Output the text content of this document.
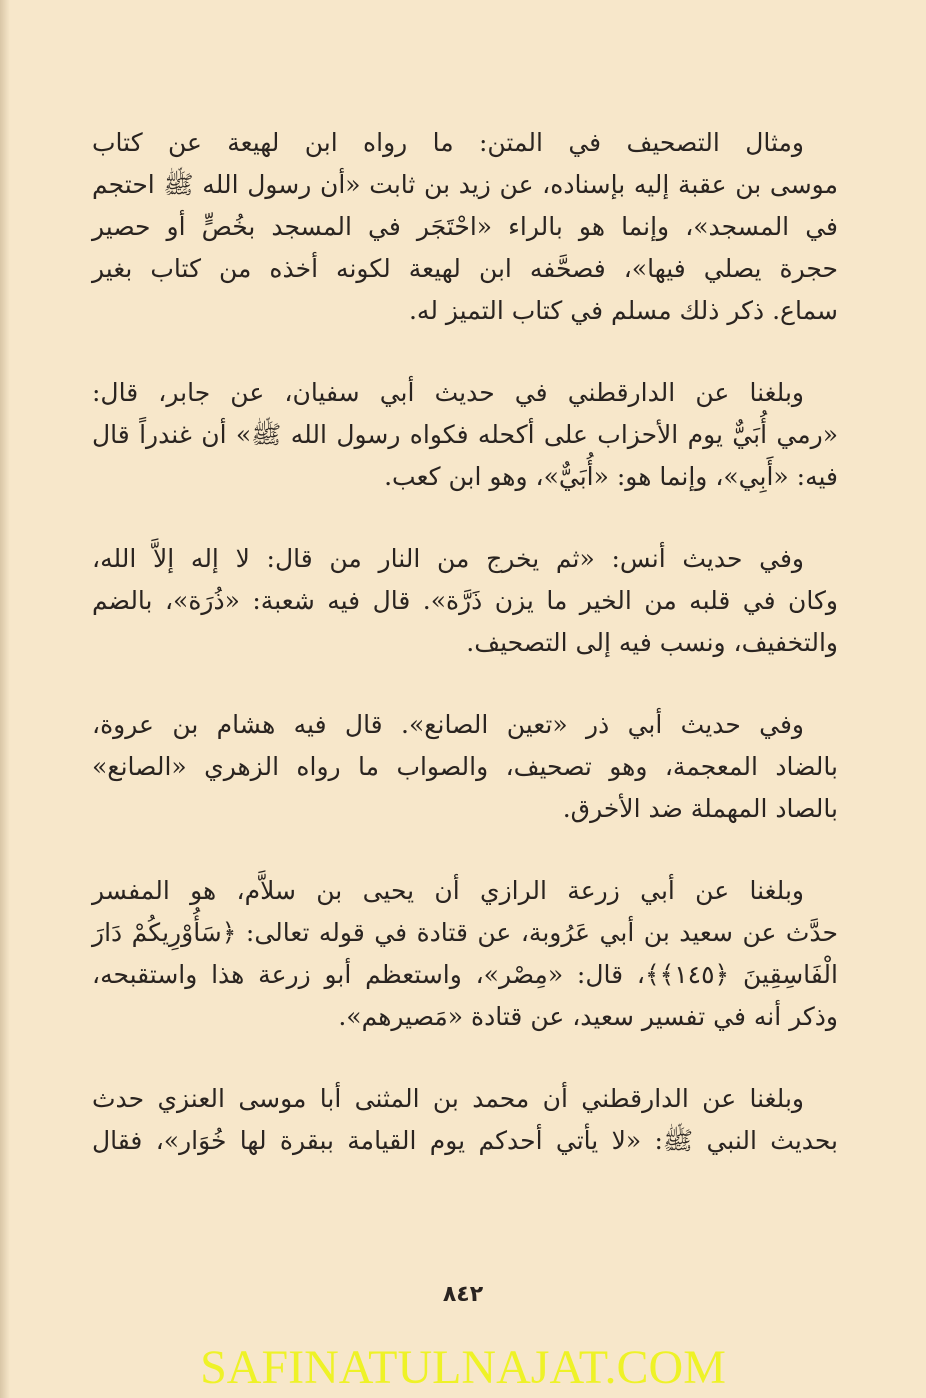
ومثال التصحيف في المتن: ما رواه ابن لهيعة عن كتاب
موسى بن عقبة إليه بإسناده، عن زيد بن ثابت «أن رسول الله ﷺ احتجم
في المسجد»، وإنما هو بالراء «احْتَجَر في المسجد بخُصٍّ أو حصير
حجرة يصلي فيها»، فصحَّفه ابن لهيعة لكونه أخذه من كتاب بغير
سماع. ذكر ذلك مسلم في كتاب التميز له.
وبلغنا عن الدارقطني في حديث أبي سفيان، عن جابر، قال:
«رمي أُبَيٌّ يوم الأحزاب على أكحله فكواه رسول الله ﷺ» أن غندراً قال
فيه: «أَبِي»، وإنما هو: «أُبَيٌّ»، وهو ابن كعب.
وفي حديث أنس: «ثم يخرج من النار من قال: لا إله إلاَّ الله،
وكان في قلبه من الخير ما يزن ذَرَّة». قال فيه شعبة: «ذُرَة»، بالضم
والتخفيف، ونسب فيه إلى التصحيف.
وفي حديث أبي ذر «تعين الصانع». قال فيه هشام بن عروة،
بالضاد المعجمة، وهو تصحيف، والصواب ما رواه الزهري «الصانع»
بالصاد المهملة ضد الأخرق.
وبلغنا عن أبي زرعة الرازي أن يحيى بن سلاَّم، هو المفسر
حدَّث عن سعيد بن أبي عَرُوبة، عن قتادة في قوله تعالى: ﴿سَأُوْرِيكُمْ دَارَ
الْفَاسِقِينَ ﴿١٤٥﴾﴾، قال: «مِصْر»، واستعظم أبو زرعة هذا واستقبحه،
وذكر أنه في تفسير سعيد، عن قتادة «مَصيرهم».
وبلغنا عن الدارقطني أن محمد بن المثنى أبا موسى العنزي حدث
بحديث النبي ﷺ: «لا يأتي أحدكم يوم القيامة ببقرة لها خُوَار»، فقال
٨٤٢
SAFINATULNAJAT.COM
